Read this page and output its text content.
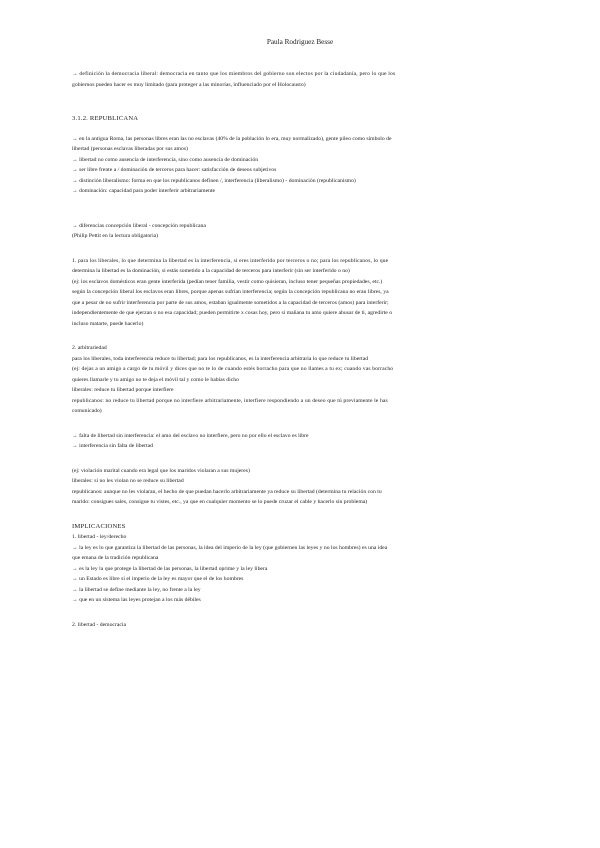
Paula Rodriguez Besse
→ definición la democracia liberal: democracia en tanto que los miembros del gobierno son electos por la ciudadanía, pero lo que los
gobiernos pueden hacer es muy limitado (para proteger a las minorías, influenciado por el Holocausto)
3.1.2. REPUBLICANA
→ en la antigua Roma, las personas libres eran las no esclavas (40% de la población lo era, muy normalizado), gente pileo como símbolo de
libertad (personas esclavas liberadas por sus amos)
→ libertad no como ausencia de interferencia, sino como ausencia de dominación
→ ser libre frente a / dominación de terceros para hacer: satisfacción de deseos subjetivos
→ distinción liberalismo: forma en que los republicanos definen /, interferencia (liberalismo) - dominación (republicanismo)
→ dominación: capacidad para poder interferir arbitrariamente
→ diferencias concepción liberal - concepción republicana
(Philip Pettit en la lectura obligatoria)
1. para los liberales, lo que determina la libertad es la interferencia, si eres interferido por terceros o no; para los republicanos, lo que
determina la libertad es la dominación, si estás sometido a la capacidad de terceros para interferir (sin ser interferido o no)
(ej: los esclavos domésticos eran gente interferida (pedían tener familia, vestir como quisieran, incluso tener pequeñas propiedades, etc.)
según la concepción liberal los esclavos eran libres, porque apenas sufrían interferencia; según la concepción republicana no eran libres, ya
que a pesar de no sufrir interferencia por parte de sus amos, estaban igualmente sometidos a la capacidad de terceros (amos) para interferir;
independientemente de que ejerzan o no esa capacidad; pueden permitirte x cosas hoy, pero si mañana tu amo quiere abusar de ti, agredirte o
incluso matarte, puede hacerlo)
2. arbitrariedad
para los liberales, toda interferencia reduce tu libertad; para los republicanos, es la interferencia arbitraria lo que reduce tu libertad
(ej: dejas a un amigo a cargo de tu móvil y dices que no te lo de cuando estés borracho para que no llames a tu ex; cuando vas borracho
quieres llamarle y tu amigo no te deja el móvil tal y como le habías dicho
liberales: reduce tu libertad porque interfiere
republicanos: no reduce tu libertad porque no interfiere arbitrariamente, interfiere respondiendo a un deseo que tú previamente le has
comunicado)
→ falta de libertad sin interferencia: el amo del esclavo no interfiere, pero no por ello el esclavo es libre
→ interferencia sin falta de libertad
(ej: violación marital cuando era legal que los maridos violaran a sus mujeres)
liberales: si no les violan no se reduce su libertad
republicanos: aunque no les violaran, el hecho de que puedan hacerlo arbitrariamente ya reduce su libertad (determina tu relación con tu
marido: consigues sales, consigue tu vistes, etc., ya que en cualquier momento se lo puede cruzar el cable y hacerlo sin problema)
IMPLICACIONES
1. libertad - ley/derecho
→ la ley es lo que garantiza la libertad de las personas, la idea del imperio de la ley (que gobiernen las leyes y no los hombres) es una idea
que emana de la tradición republicana
→ es la ley la que protege la libertad de las personas, la libertad oprime y la ley libera
→ un Estado es libre si el imperio de la ley es mayor que el de los hombres
→ la libertad se define mediante la ley, no frente a la ley
→ que en un sistema las leyes protejan a los más débiles
2. libertad - democracia
